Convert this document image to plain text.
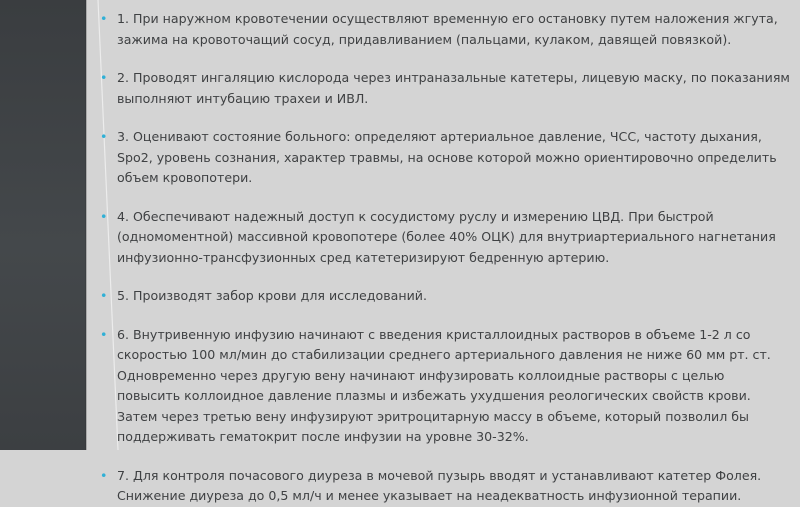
• 1. При наружном кровотечении осуществляют временную его остановку путем наложения жгута, зажима на кровоточащий сосуд, придавливанием (пальцами, кулаком, давящей повязкой).
• 2. Проводят ингаляцию кислорода через интраназальные катетеры, лицевую маску, по показаниям выполняют интубацию трахеи и ИВЛ.
• 3. Оценивают состояние больного: определяют артериальное давление, ЧСС, частоту дыхания, Spo2, уровень сознания, характер травмы, на основе которой можно ориентировочно определить объем кровопотери.
• 4. Обеспечивают надежный доступ к сосудистому руслу и измерению ЦВД. При быстрой (одномоментной) массивной кровопотере (более 40% ОЦК) для внутриартериального нагнетания инфузионно-трансфузионных сред катетеризируют бедренную артерию.
• 5. Производят забор крови для исследований.
• 6. Внутривенную инфузию начинают с введения кристаллоидных растворов в объеме 1-2 л со скоростью 100 мл/мин до стабилизации среднего артериального давления не ниже 60 мм рт. ст. Одновременно через другую вену начинают инфузировать коллоидные растворы с целью повысить коллоидное давление плазмы и избежать ухудшения реологических свойств крови. Затем через третью вену инфузируют эритроцитарную массу в объеме, который позволил бы поддерживать гематокрит после инфузии на уровне 30-32%.
• 7. Для контроля почасового диуреза в мочевой пузырь вводят и устанавливают катетер Фолея. Снижение диуреза до 0,5 мл/ч и менее указывает на неадекватность инфузионной терапии.
